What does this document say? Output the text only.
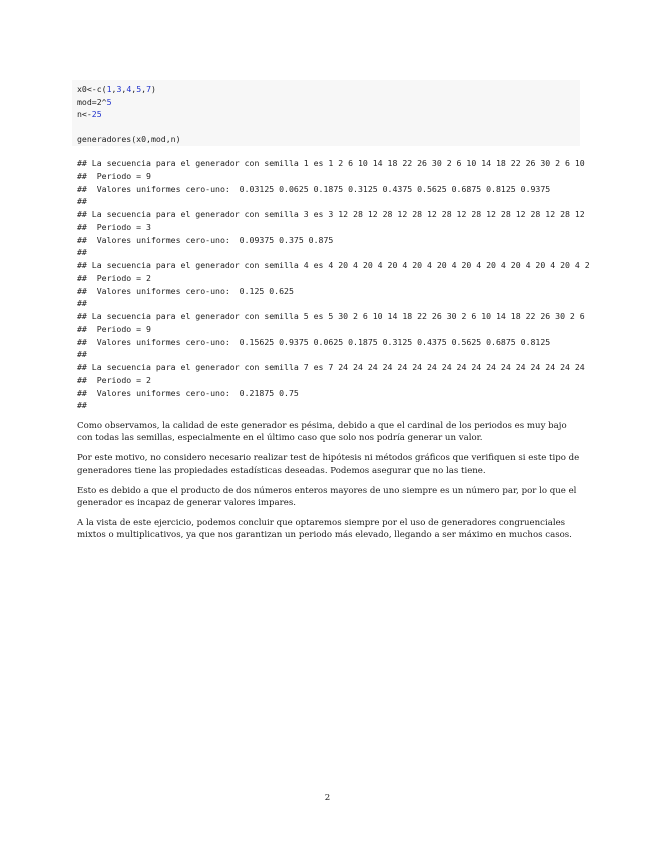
x0<-c(1,3,4,5,7)
mod=2^5
n<-25
generadores(x0,mod,n)
## La secuencia para el generador con semilla 1 es 1 2 6 10 14 18 22 26 30 2 6 10 14 18 22 26 30 2 6 10
##  Periodo = 9
##  Valores uniformes cero-uno:  0.03125 0.0625 0.1875 0.3125 0.4375 0.5625 0.6875 0.8125 0.9375
##
## La secuencia para el generador con semilla 3 es 3 12 28 12 28 12 28 12 28 12 28 12 28 12 28 12 28 12
##  Periodo = 3
##  Valores uniformes cero-uno:  0.09375 0.375 0.875
##
## La secuencia para el generador con semilla 4 es 4 20 4 20 4 20 4 20 4 20 4 20 4 20 4 20 4 20 4 20 4 2
##  Periodo = 2
##  Valores uniformes cero-uno:  0.125 0.625
##
## La secuencia para el generador con semilla 5 es 5 30 2 6 10 14 18 22 26 30 2 6 10 14 18 22 26 30 2 6
##  Periodo = 9
##  Valores uniformes cero-uno:  0.15625 0.9375 0.0625 0.1875 0.3125 0.4375 0.5625 0.6875 0.8125
##
## La secuencia para el generador con semilla 7 es 7 24 24 24 24 24 24 24 24 24 24 24 24 24 24 24 24 24
##  Periodo = 2
##  Valores uniformes cero-uno:  0.21875 0.75
##

Como observamos, la calidad de este generador es pésima, debido a que el cardinal de los periodos es muy bajo con todas las semillas, especialmente en el último caso que solo nos podría generar un valor.

Por este motivo, no considero necesario realizar test de hipótesis ni métodos gráficos que verifiquen si este tipo de generadores tiene las propiedades estadísticas deseadas. Podemos asegurar que no las tiene.

Esto es debido a que el producto de dos números enteros mayores de uno siempre es un número par, por lo que el generador es incapaz de generar valores impares.

A la vista de este ejercicio, podemos concluir que optaremos siempre por el uso de generadores congruenciales mixtos o multiplicativos, ya que nos garantizan un periodo más elevado, llegando a ser máximo en muchos casos.

2
